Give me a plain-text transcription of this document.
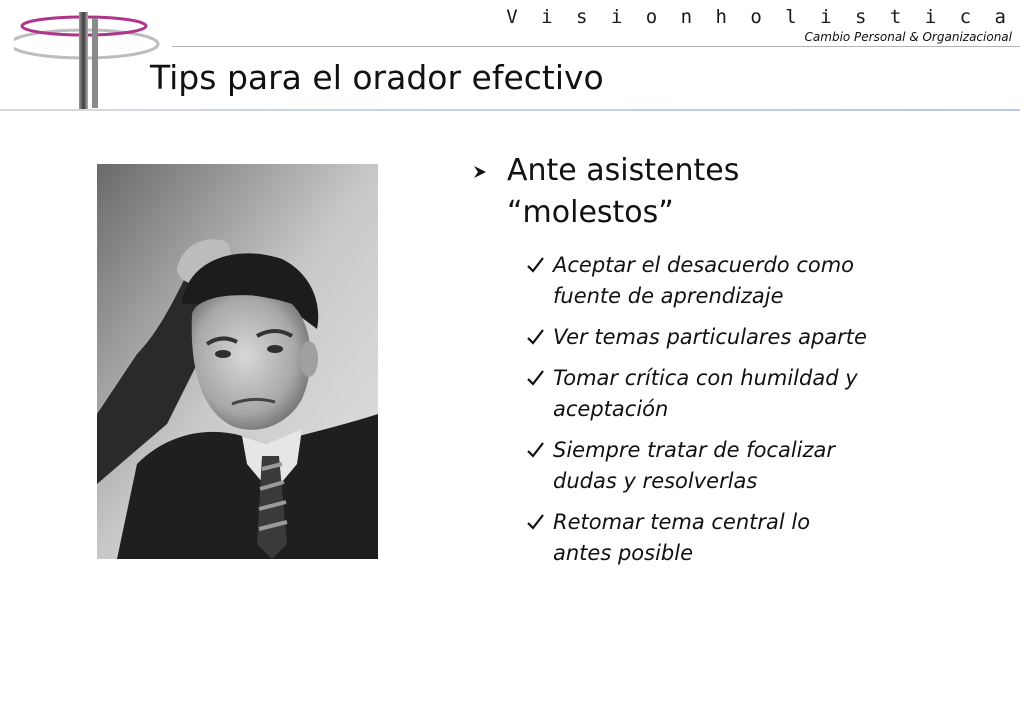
V i s i o n h o l i s t i c a
Cambio Personal & Organizacional
Tips para el orador efectivo
Ante asistentes
“molestos”
Aceptar el desacuerdo como
fuente de aprendizaje
Ver temas particulares aparte
Tomar crítica con humildad y
aceptación
Siempre tratar de focalizar
dudas y resolverlas
Retomar tema central lo
antes posible
